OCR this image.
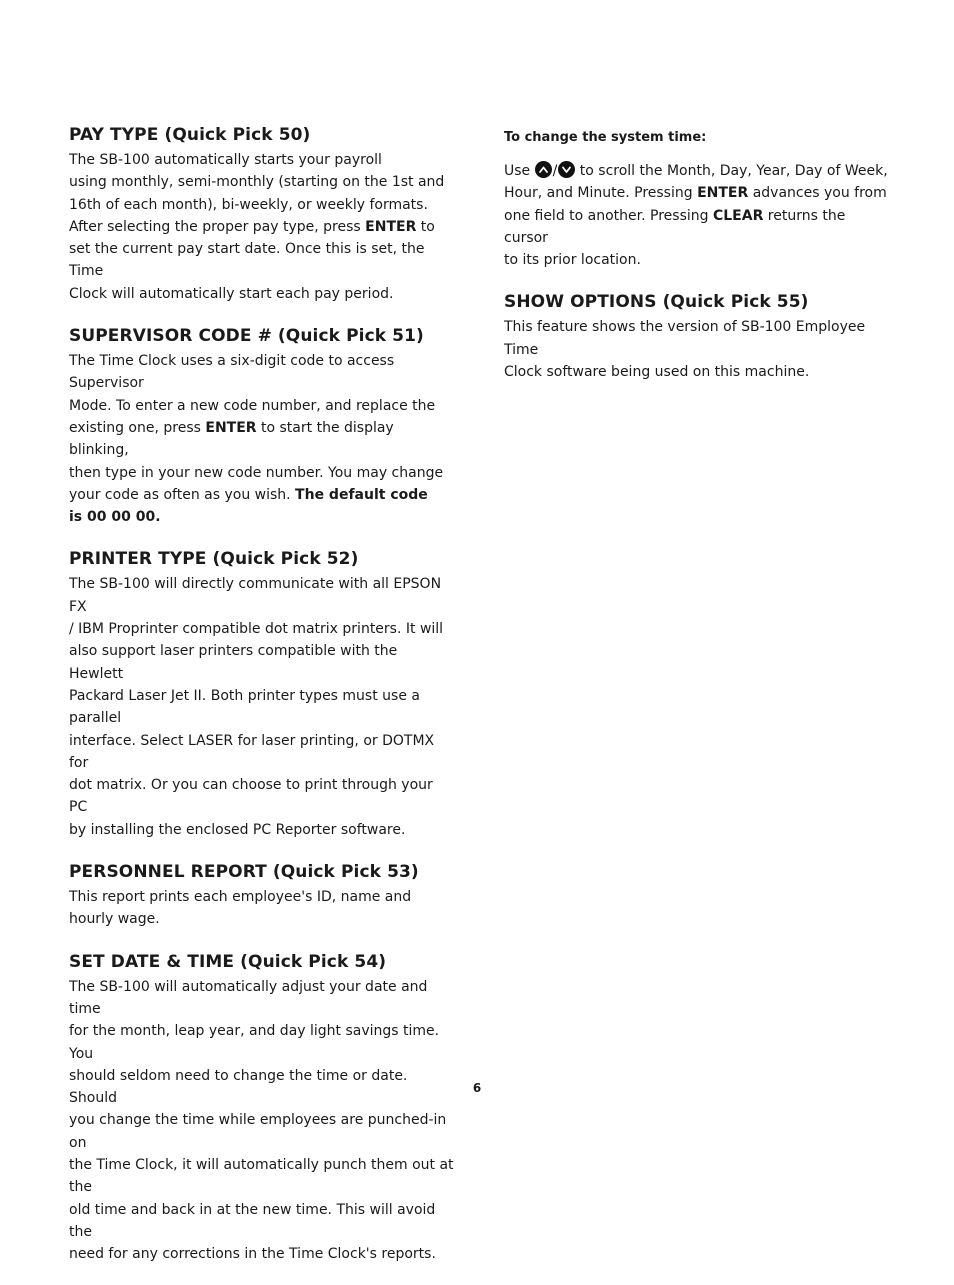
PAY TYPE (Quick Pick 50)

The SB-100 automatically starts your payroll
using monthly, semi-monthly (starting on the 1st and
16th of each month), bi-weekly, or weekly formats.
After selecting the proper pay type, press ENTER to
set the current pay start date. Once this is set, the Time
Clock will automatically start each pay period.

SUPERVISOR CODE # (Quick Pick 51)

The Time Clock uses a six-digit code to access Supervisor
Mode. To enter a new code number, and replace the
existing one, press ENTER to start the display blinking,
then type in your new code number. You may change
your code as often as you wish. The default code
is 00 00 00.

PRINTER TYPE (Quick Pick 52)

The SB-100 will directly communicate with all EPSON FX
/ IBM Proprinter compatible dot matrix printers. It will
also support laser printers compatible with the Hewlett
Packard Laser Jet II. Both printer types must use a parallel
interface. Select LASER for laser printing, or DOTMX for
dot matrix. Or you can choose to print through your PC
by installing the enclosed PC Reporter software.

PERSONNEL REPORT (Quick Pick 53)

This report prints each employee's ID, name and
hourly wage.

SET DATE & TIME (Quick Pick 54)

The SB-100 will automatically adjust your date and time
for the month, leap year, and day light savings time. You
should seldom need to change the time or date. Should
you change the time while employees are punched-in on
the Time Clock, it will automatically punch them out at the
old time and back in at the new time. This will avoid the
need for any corrections in the Time Clock's reports.

To change the system time:

Use
/
to scroll the Month, Day, Year, Day of Week,
Hour, and Minute. Pressing ENTER advances you from
one field to another. Pressing CLEAR returns the cursor
to its prior location.

SHOW OPTIONS (Quick Pick 55)

This feature shows the version of SB-100 Employee Time
Clock software being used on this machine.

6
